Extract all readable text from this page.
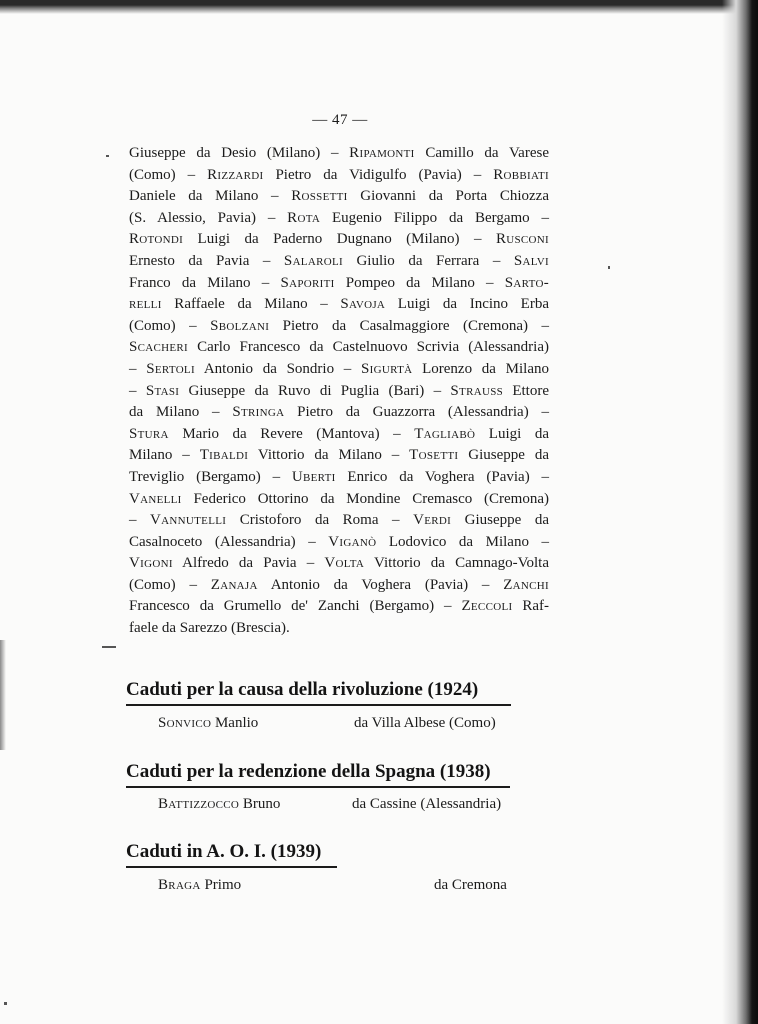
— 47 —
Giuseppe da Desio (Milano) – Ripamonti Camillo da Varese
(Como) – Rizzardi Pietro da Vidigulfo (Pavia) – Robbiati
Daniele da Milano – Rossetti Giovanni da Porta Chiozza
(S. Alessio, Pavia) – Rota Eugenio Filippo da Bergamo –
Rotondi Luigi da Paderno Dugnano (Milano) – Rusconi
Ernesto da Pavia – Salaroli Giulio da Ferrara – Salvi
Franco da Milano – Saporiti Pompeo da Milano – Sarto-
relli Raffaele da Milano – Savoja Luigi da Incino Erba
(Como) – Sbolzani Pietro da Casalmaggiore (Cremona) –
Scacheri Carlo Francesco da Castelnuovo Scrivia (Alessandria)
– Sertoli Antonio da Sondrio – Sigurtà Lorenzo da Milano
– Stasi Giuseppe da Ruvo di Puglia (Bari) – Strauss Ettore
da Milano – Stringa Pietro da Guazzorra (Alessandria) –
Stura Mario da Revere (Mantova) – Tagliabò Luigi da
Milano – Tibaldi Vittorio da Milano – Tosetti Giuseppe da
Treviglio (Bergamo) – Uberti Enrico da Voghera (Pavia) –
Vanelli Federico Ottorino da Mondine Cremasco (Cremona)
– Vannutelli Cristoforo da Roma – Verdi Giuseppe da
Casalnoceto (Alessandria) – Viganò Lodovico da Milano –
Vigoni Alfredo da Pavia – Volta Vittorio da Camnago-Volta
(Como) – Zanaja Antonio da Voghera (Pavia) – Zanchi
Francesco da Grumello de' Zanchi (Bergamo) – Zeccoli Raf-
faele da Sarezzo (Brescia).
Caduti per la causa della rivoluzione (1924)
Sonvico Manlio	da Villa Albese (Como)
Caduti per la redenzione della Spagna (1938)
Battizzocco Bruno	da Cassine (Alessandria)
Caduti in A. O. I. (1939)
Braga Primo	da Cremona
